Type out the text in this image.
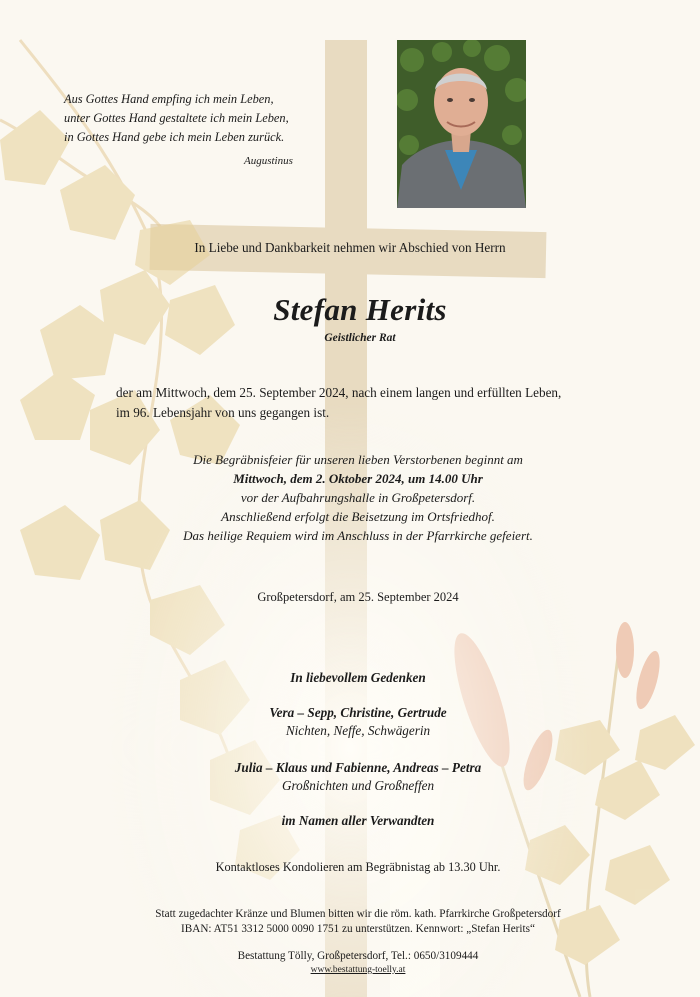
Aus Gottes Hand empfing ich mein Leben,
unter Gottes Hand gestaltete ich mein Leben,
in Gottes Hand gebe ich mein Leben zurück.
Augustinus
In Liebe und Dankbarkeit nehmen wir Abschied von Herrn
Stefan Herits
Geistlicher Rat
der am Mittwoch, dem 25. September 2024, nach einem langen und erfüllten Leben,
im 96. Lebensjahr von uns gegangen ist.
Die Begräbnisfeier für unseren lieben Verstorbenen beginnt am
Mittwoch, dem 2. Oktober 2024, um 14.00 Uhr
vor der Aufbahrungshalle in Großpetersdorf.
Anschließend erfolgt die Beisetzung im Ortsfriedhof.
Das heilige Requiem wird im Anschluss in der Pfarrkirche gefeiert.
Großpetersdorf, am 25. September 2024
In liebevollem Gedenken
Vera – Sepp, Christine, Gertrude
Nichten, Neffe, Schwägerin
Julia – Klaus und Fabienne, Andreas – Petra
Großnichten und Großneffen
im Namen aller Verwandten
Kontaktloses Kondolieren am Begräbnistag ab 13.30 Uhr.
Statt zugedachter Kränze und Blumen bitten wir die röm. kath. Pfarrkirche Großpetersdorf
IBAN: AT51 3312 5000 0090 1751 zu unterstützen. Kennwort: „Stefan Herits“
Bestattung Tölly, Großpetersdorf, Tel.: 0650/3109444
www.bestattung-toelly.at
